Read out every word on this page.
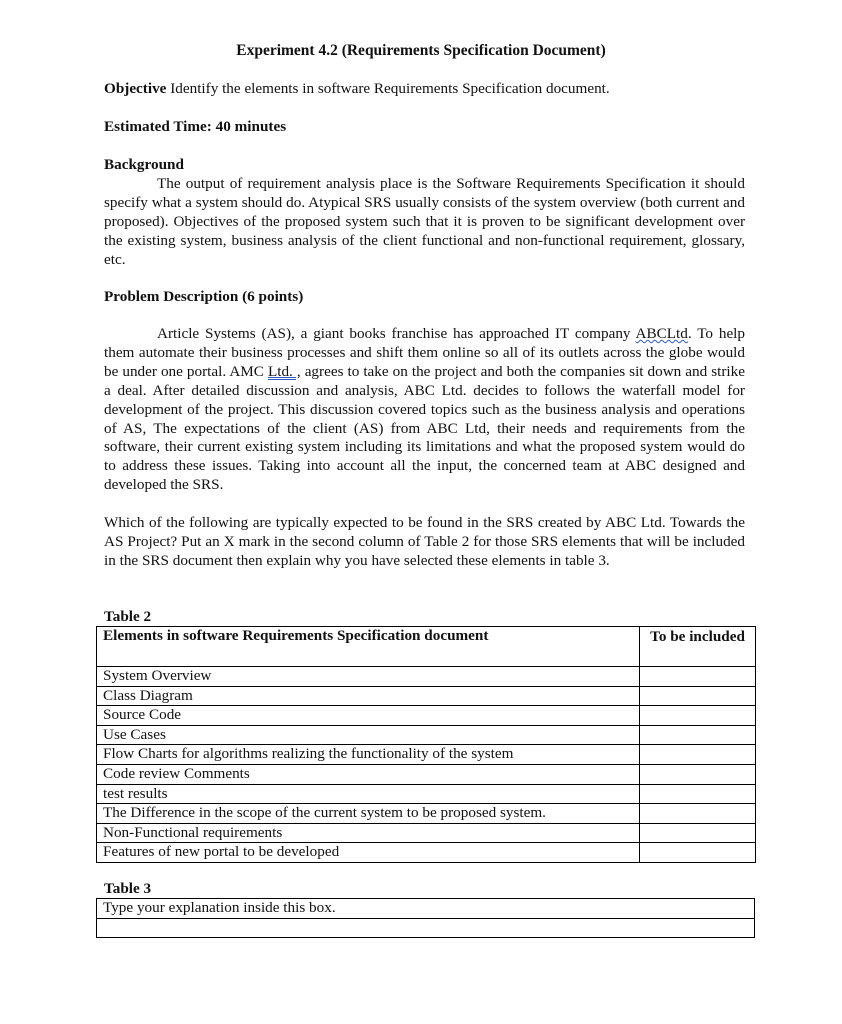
Experiment 4.2 (Requirements Specification Document)
Objective Identify the elements in software Requirements Specification document.
Estimated Time: 40 minutes
Background
The output of requirement analysis place is the Software Requirements Specification it should specify what a system should do. Atypical SRS usually consists of the system overview (both current and proposed). Objectives of the proposed system such that it is proven to be significant development over the existing system, business analysis of the client functional and non-functional requirement, glossary, etc.
Problem Description (6 points)
Article Systems (AS), a giant books franchise has approached IT company ABCLtd. To help them automate their business processes and shift them online so all of its outlets across the globe would be under one portal. AMC Ltd. , agrees to take on the project and both the companies sit down and strike a deal. After detailed discussion and analysis, ABC Ltd. decides to follows the waterfall model for development of the project. This discussion covered topics such as the business analysis and operations of AS, The expectations of the client (AS) from ABC Ltd, their needs and requirements from the software, their current existing system including its limitations and what the proposed system would do to address these issues. Taking into account all the input, the concerned team at ABC designed and developed the SRS.
Which of the following are typically expected to be found in the SRS created by ABC Ltd. Towards the AS Project? Put an X mark in the second column of Table 2 for those SRS elements that will be included in the SRS document then explain why you have selected these elements in table 3.
Table 2
Elements in software Requirements Specification document	To be included
System Overview	
Class Diagram	
Source Code	
Use Cases	
Flow Charts for algorithms realizing the functionality of the system	
Code review Comments	
test results	
The Difference in the scope of the current system to be proposed system.	
Non-Functional requirements	
Features of new portal to be developed	
Table 3
Type your explanation inside this box.
